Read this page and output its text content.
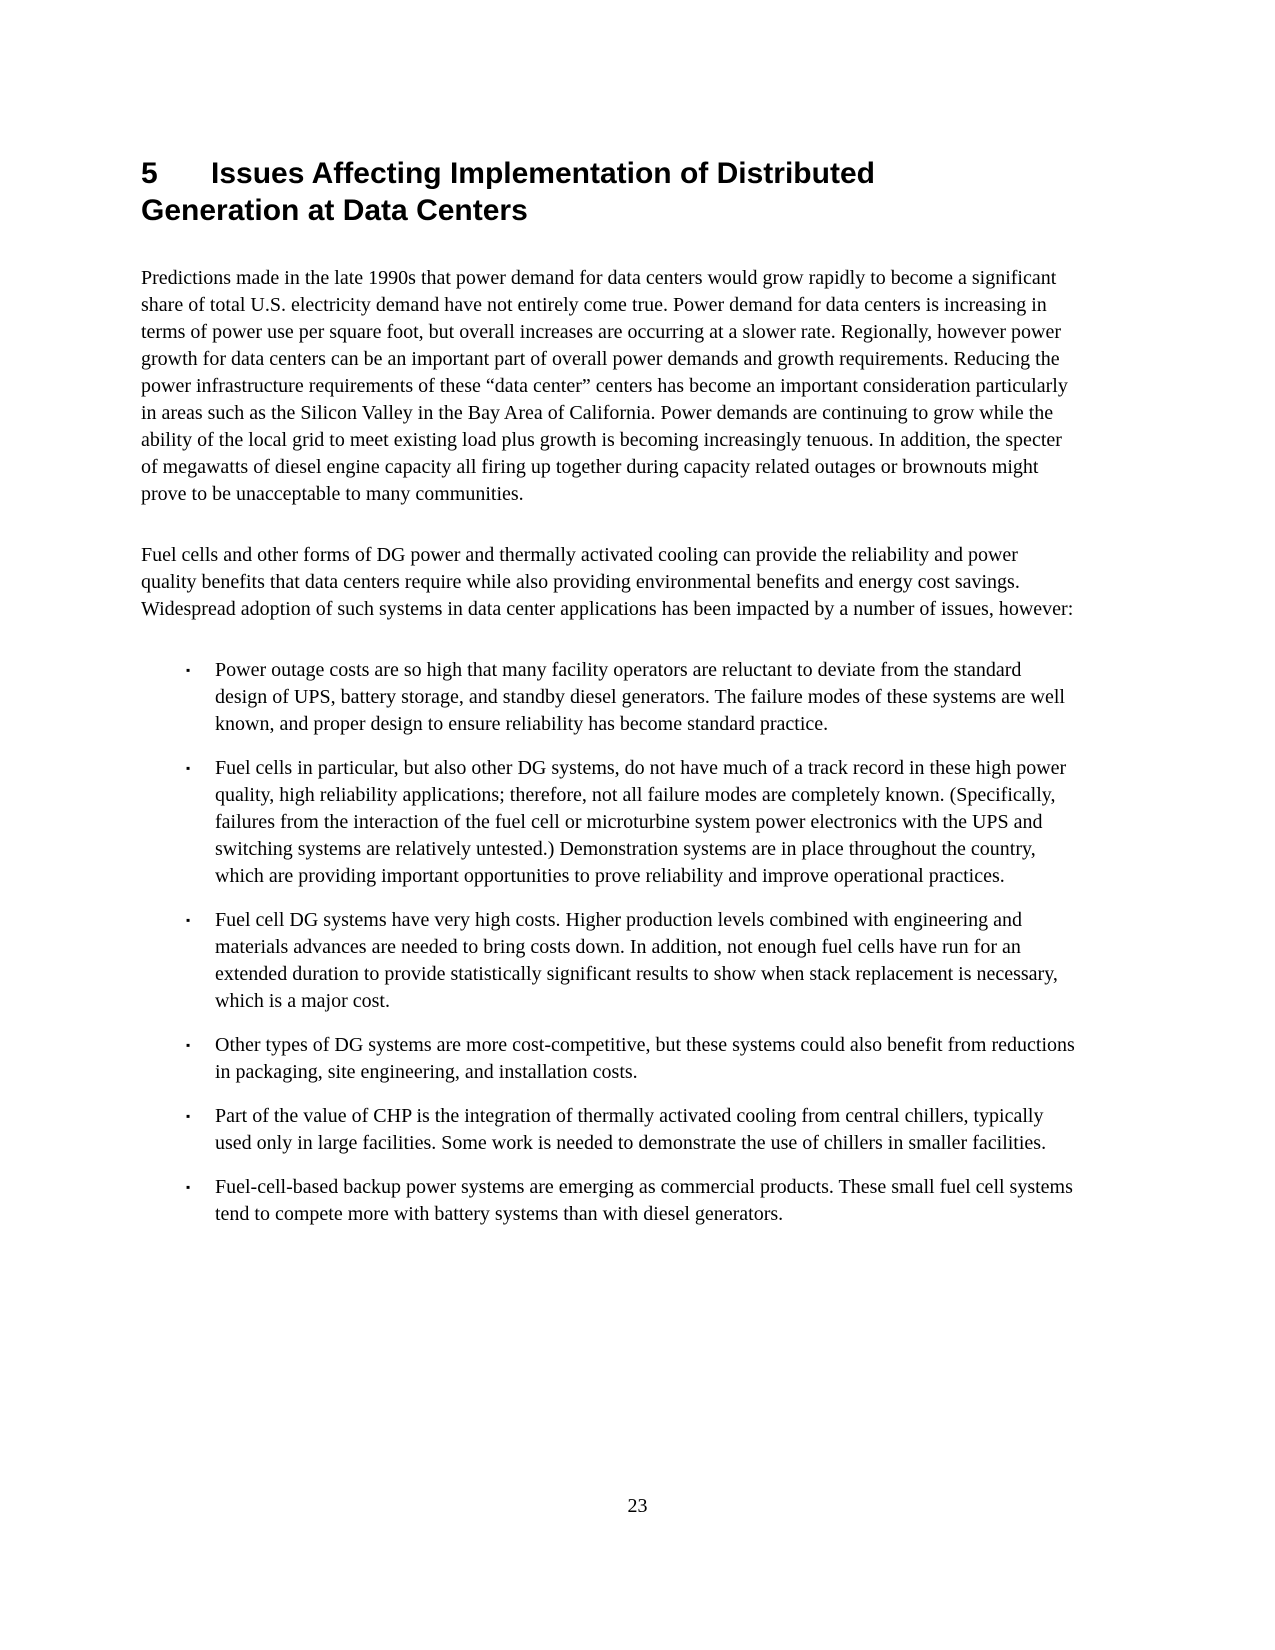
5 Issues Affecting Implementation of Distributed Generation at Data Centers

Predictions made in the late 1990s that power demand for data centers would grow rapidly to become a significant share of total U.S. electricity demand have not entirely come true. Power demand for data centers is increasing in terms of power use per square foot, but overall increases are occurring at a slower rate. Regionally, however power growth for data centers can be an important part of overall power demands and growth requirements. Reducing the power infrastructure requirements of these “data center” centers has become an important consideration particularly in areas such as the Silicon Valley in the Bay Area of California. Power demands are continuing to grow while the ability of the local grid to meet existing load plus growth is becoming increasingly tenuous. In addition, the specter of megawatts of diesel engine capacity all firing up together during capacity related outages or brownouts might prove to be unacceptable to many communities.

Fuel cells and other forms of DG power and thermally activated cooling can provide the reliability and power quality benefits that data centers require while also providing environmental benefits and energy cost savings. Widespread adoption of such systems in data center applications has been impacted by a number of issues, however:

▪	Power outage costs are so high that many facility operators are reluctant to deviate from the standard design of UPS, battery storage, and standby diesel generators. The failure modes of these systems are well known, and proper design to ensure reliability has become standard practice.
▪	Fuel cells in particular, but also other DG systems, do not have much of a track record in these high power quality, high reliability applications; therefore, not all failure modes are completely known. (Specifically, failures from the interaction of the fuel cell or microturbine system power electronics with the UPS and switching systems are relatively untested.) Demonstration systems are in place throughout the country, which are providing important opportunities to prove reliability and improve operational practices.
▪	Fuel cell DG systems have very high costs. Higher production levels combined with engineering and materials advances are needed to bring costs down. In addition, not enough fuel cells have run for an extended duration to provide statistically significant results to show when stack replacement is necessary, which is a major cost.
▪	Other types of DG systems are more cost-competitive, but these systems could also benefit from reductions in packaging, site engineering, and installation costs.
▪	Part of the value of CHP is the integration of thermally activated cooling from central chillers, typically used only in large facilities. Some work is needed to demonstrate the use of chillers in smaller facilities.
▪	Fuel-cell-based backup power systems are emerging as commercial products. These small fuel cell systems tend to compete more with battery systems than with diesel generators.
23
